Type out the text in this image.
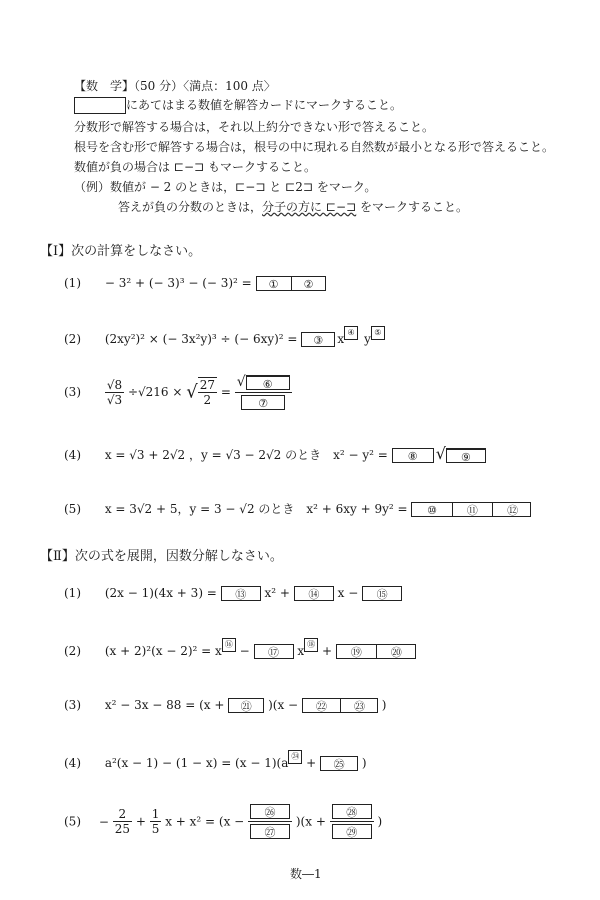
【数　学】（50 分）〈満点：100 点〉
にあてはまる数値を解答カードにマークすること。
分数形で解答する場合は，それ以上約分できない形で答えること。
根号を含む形で解答する場合は，根号の中に現れる自然数が最小となる形で答えること。
数値が負の場合は ⊏−⊐ もマークすること。
（例）数値が − 2 のときは，⊏−⊐ と ⊏2⊐ をマーク。
答えが負の分数のときは，分子の方に ⊏−⊐ をマークすること。
【Ⅰ】次の計算をしなさい。
(1) − 3² + (− 3)³ − (− 3)² = ① ②
(2) (2xy²)² × (− 3x²y)³ ÷ (− 6xy)² = ③ x ④ y ⑤
$(3) \frac{√8}{√3} \div√216$ × √ $\frac{27}{2} = \frac{\text{√ ⑥}}{\text{⑦}}$
(4) x = √3 + 2√2 ，y = √3 − 2√2 のとき　x² − y² = ⑧ √ ⑨
(5) x = 3√2 + 5，y = 3 − √2 のとき　x² + 6xy + 9y² = ⑩	⑪	⑫
【Ⅱ】次の式を展開，因数分解しなさい。
(1) (2x − 1)(4x + 3) = ⑬ x² + ⑭ x − ⑮
(2) (x + 2)²(x − 2)² = x ⑯ − ⑰ x ⑱ + ⑲	⑳
(3) x² − 3x − 88 = (x + ㉑ )(x − ㉒ ㉓ )
(4) a²(x − 1) − (1 − x) = (x − 1)(a ㉔ + ㉕ )
$(5) - \frac{2}{25} + \frac{1}{5}$ $x + x^2 = (x - \frac{\text{㉖}}{\text{㉗}} )(x + \frac{\text{㉘}}{\text{㉙}}$ )
数―1
